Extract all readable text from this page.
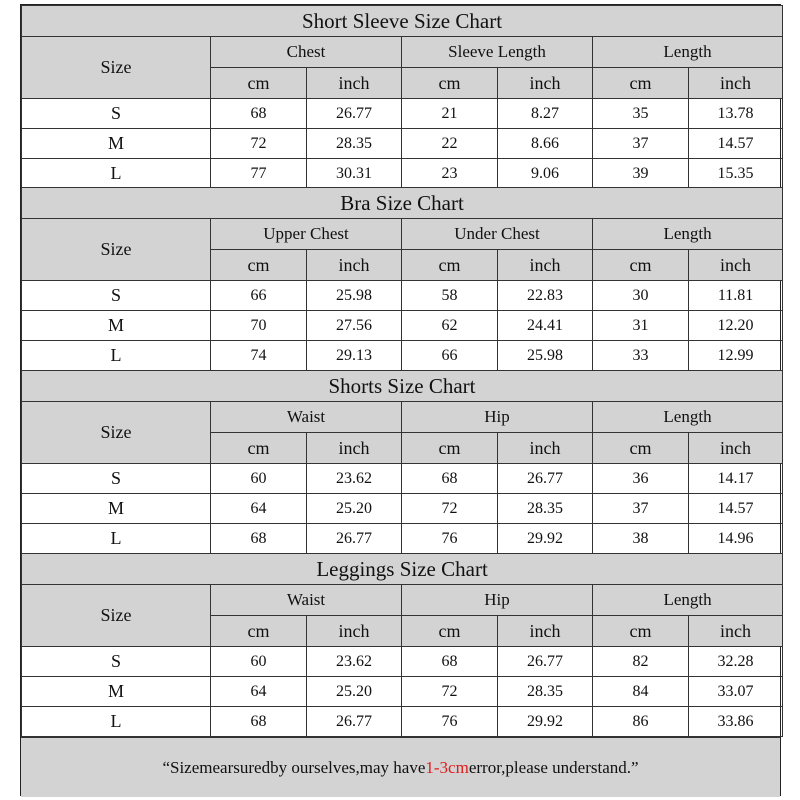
Short Sleeve Size Chart						
Size	Chest		Sleeve Length		Length	
	cm	inch	cm	inch	cm	inch
S	68	26.77	21	8.27	35	13.78
M	72	28.35	22	8.66	37	14.57
L	77	30.31	23	9.06	39	15.35
Bra Size Chart						
Size	Upper Chest		Under Chest		Length	
	cm	inch	cm	inch	cm	inch
S	66	25.98	58	22.83	30	11.81
M	70	27.56	62	24.41	31	12.20
L	74	29.13	66	25.98	33	12.99
Shorts Size Chart						
Size	Waist		Hip		Length	
	cm	inch	cm	inch	cm	inch
S	60	23.62	68	26.77	36	14.17
M	64	25.20	72	28.35	37	14.57
L	68	26.77	76	29.92	38	14.96
Leggings Size Chart						
Size	Waist		Hip		Length	
	cm	inch	cm	inch	cm	inch
S	60	23.62	68	26.77	82	32.28
M	64	25.20	72	28.35	84	33.07
L	68	26.77	76	29.92	86	33.86
“Sizemearsuredby ourselves,may have 1-3cm error,please understand.”
